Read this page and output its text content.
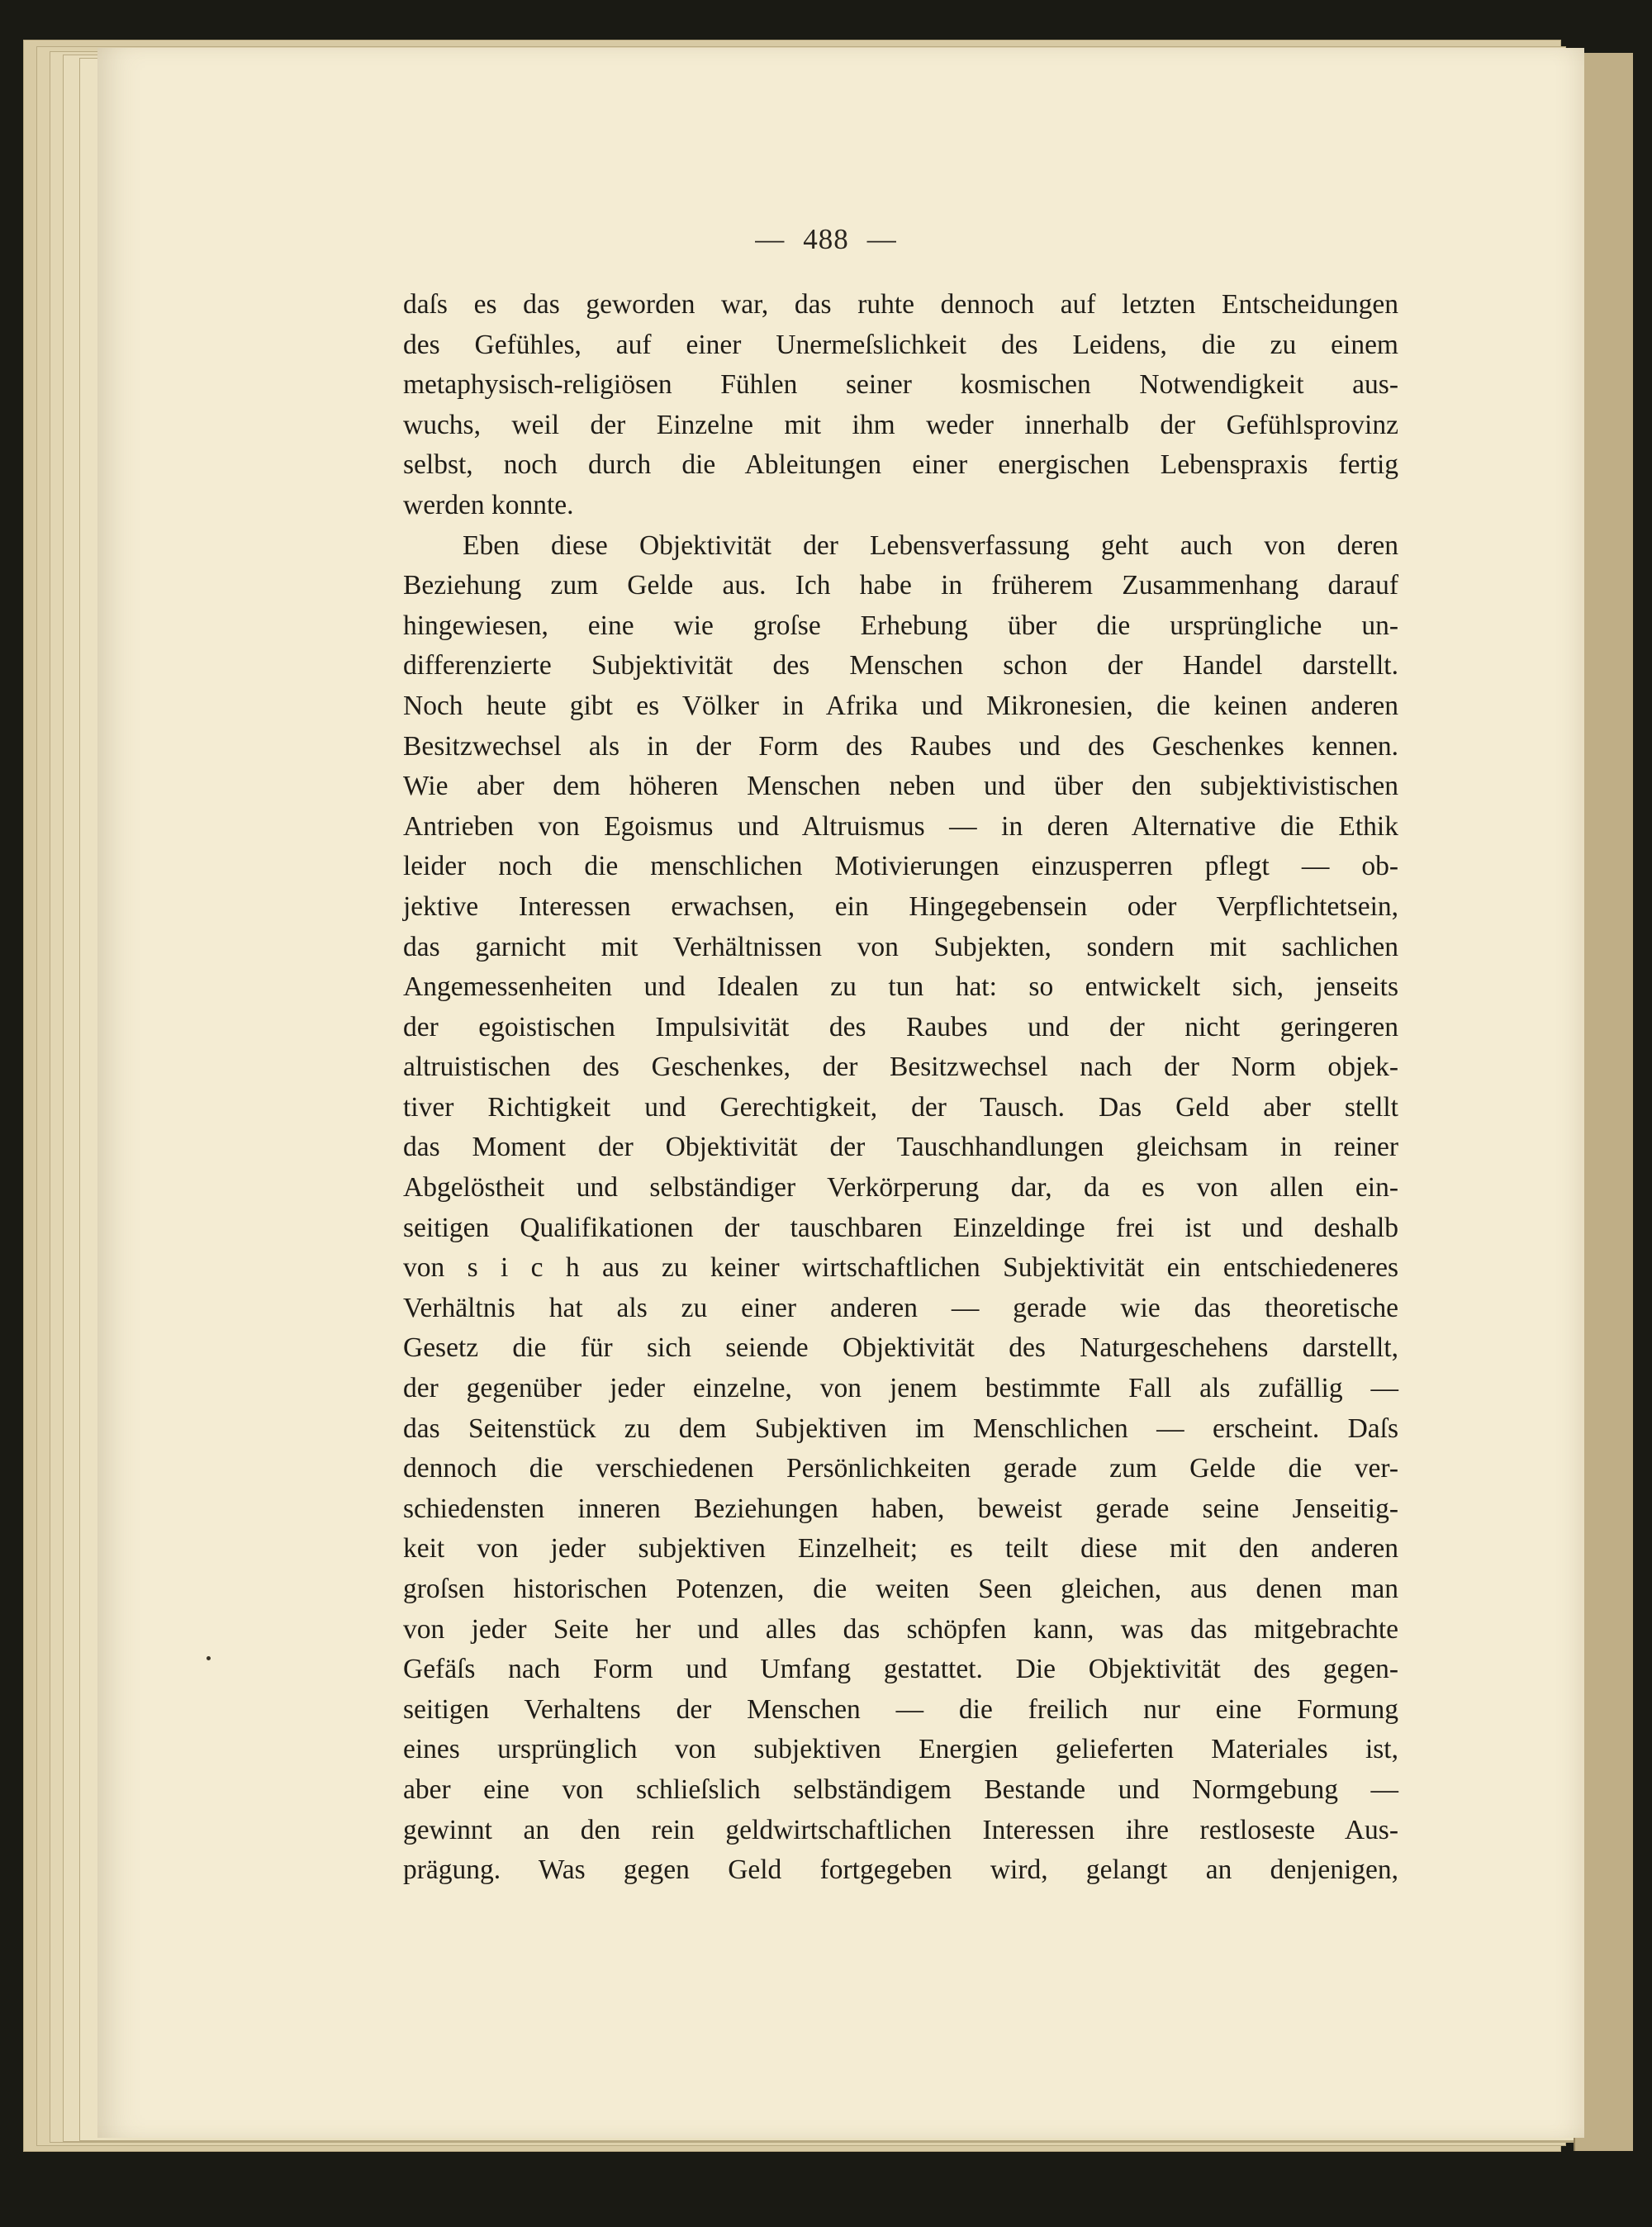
— 488 —

daſs es das geworden war, das ruhte dennoch auf letzten Entscheidungen

des Gefühles, auf einer Unermeſslichkeit des Leidens, die zu einem

metaphysisch-religiösen Fühlen seiner kosmischen Notwendigkeit aus-

wuchs, weil der Einzelne mit ihm weder innerhalb der Gefühlsprovinz

selbst, noch durch die Ableitungen einer energischen Lebenspraxis fertig

werden konnte.

Eben diese Objektivität der Lebensverfassung geht auch von deren

Beziehung zum Gelde aus. Ich habe in früherem Zusammenhang darauf

hingewiesen, eine wie groſse Erhebung über die ursprüngliche un-

differenzierte Subjektivität des Menschen schon der Handel darstellt.

Noch heute gibt es Völker in Afrika und Mikronesien, die keinen anderen

Besitzwechsel als in der Form des Raubes und des Geschenkes kennen.

Wie aber dem höheren Menschen neben und über den subjektivistischen

Antrieben von Egoismus und Altruismus — in deren Alternative die Ethik

leider noch die menschlichen Motivierungen einzusperren pflegt — ob-

jektive Interessen erwachsen, ein Hingegebensein oder Verpflichtetsein,

das garnicht mit Verhältnissen von Subjekten, sondern mit sachlichen

Angemessenheiten und Idealen zu tun hat: so entwickelt sich, jenseits

der egoistischen Impulsivität des Raubes und der nicht geringeren

altruistischen des Geschenkes, der Besitzwechsel nach der Norm objek-

tiver Richtigkeit und Gerechtigkeit, der Tausch. Das Geld aber stellt

das Moment der Objektivität der Tauschhandlungen gleichsam in reiner

Abgelöstheit und selbständiger Verkörperung dar, da es von allen ein-

seitigen Qualifikationen der tauschbaren Einzeldinge frei ist und deshalb

von s i c h aus zu keiner wirtschaftlichen Subjektivität ein entschiedeneres

Verhältnis hat als zu einer anderen — gerade wie das theoretische

Gesetz die für sich seiende Objektivität des Naturgeschehens darstellt,

der gegenüber jeder einzelne, von jenem bestimmte Fall als zufällig —

das Seitenstück zu dem Subjektiven im Menschlichen — erscheint. Daſs

dennoch die verschiedenen Persönlichkeiten gerade zum Gelde die ver-

schiedensten inneren Beziehungen haben, beweist gerade seine Jenseitig-

keit von jeder subjektiven Einzelheit; es teilt diese mit den anderen

groſsen historischen Potenzen, die weiten Seen gleichen, aus denen man

von jeder Seite her und alles das schöpfen kann, was das mitgebrachte

Gefäſs nach Form und Umfang gestattet. Die Objektivität des gegen-

seitigen Verhaltens der Menschen — die freilich nur eine Formung

eines ursprünglich von subjektiven Energien gelieferten Materiales ist,

aber eine von schlieſslich selbständigem Bestande und Normgebung —

gewinnt an den rein geldwirtschaftlichen Interessen ihre restloseste Aus-

prägung. Was gegen Geld fortgegeben wird, gelangt an denjenigen,
